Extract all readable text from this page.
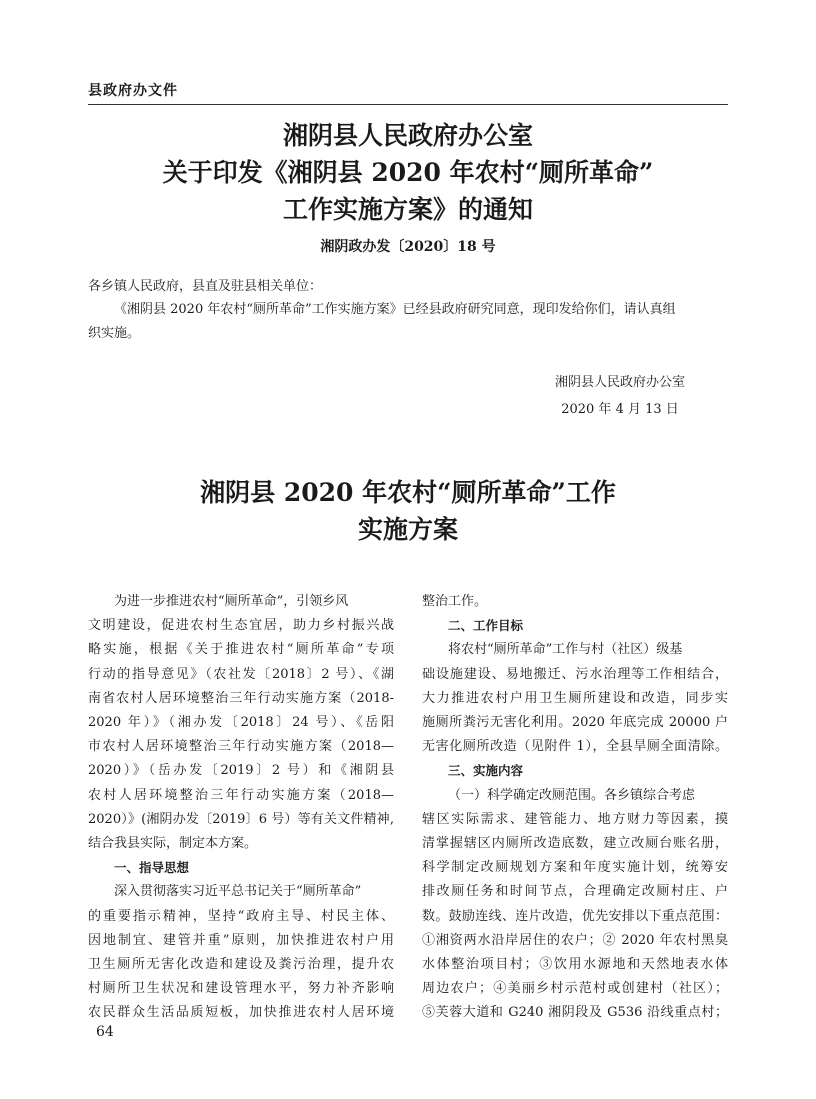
县政府办文件
湘阴县人民政府办公室
关于印发《湘阴县 2020 年农村“厕所革命”
工作实施方案》的通知
湘阴政办发〔2020〕18 号
各乡镇人民政府，县直及驻县相关单位：
《湘阴县 2020 年农村“厕所革命”工作实施方案》已经县政府研究同意，现印发给你们，请认真组
织实施。
湘阴县人民政府办公室
2020 年 4 月 13 日
湘阴县 2020 年农村“厕所革命”工作
实施方案
为进一步推进农村“厕所革命”，引领乡风
文明建设，促进农村生态宜居，助力乡村振兴战
略实施，根据《关于推进农村“厕所革命”专项
行动的指导意见》（农社发〔2018〕2 号）、《湖
南省农村人居环境整治三年行动实施方案（2018-
2020 年）》（湘办发〔2018〕24 号）、《岳阳
市农村人居环境整治三年行动实施方案（2018—
2020）》（岳办发〔2019〕2 号）和《湘阴县
农村人居环境整治三年行动实施方案（2018—
2020）》(湘阴办发〔2019〕6 号）等有关文件精神,
结合我县实际，制定本方案。
一、指导思想
深入贯彻落实习近平总书记关于“厕所革命”
的重要指示精神，坚持“政府主导、村民主体、
因地制宜、建管并重”原则，加快推进农村户用
卫生厕所无害化改造和建设及粪污治理，提升农
村厕所卫生状况和建设管理水平，努力补齐影响
农民群众生活品质短板，加快推进农村人居环境
整治工作。
二、工作目标
将农村“厕所革命”工作与村（社区）级基
础设施建设、易地搬迁、污水治理等工作相结合，
大力推进农村户用卫生厕所建设和改造，同步实
施厕所粪污无害化利用。2020 年底完成 20000 户
无害化厕所改造（见附件 1），全县旱厕全面清除。
三、实施内容
（一）科学确定改厕范围。各乡镇综合考虑
辖区实际需求、建管能力、地方财力等因素，摸
清掌握辖区内厕所改造底数，建立改厕台账名册，
科学制定改厕规划方案和年度实施计划，统筹安
排改厕任务和时间节点，合理确定改厕村庄、户
数。鼓励连线、连片改造，优先安排以下重点范围：
①湘资两水沿岸居住的农户；② 2020 年农村黑臭
水体整治项目村；③饮用水源地和天然地表水体
周边农户；④美丽乡村示范村或创建村（社区）；
⑤芙蓉大道和 G240 湘阴段及 G536 沿线重点村；
64
